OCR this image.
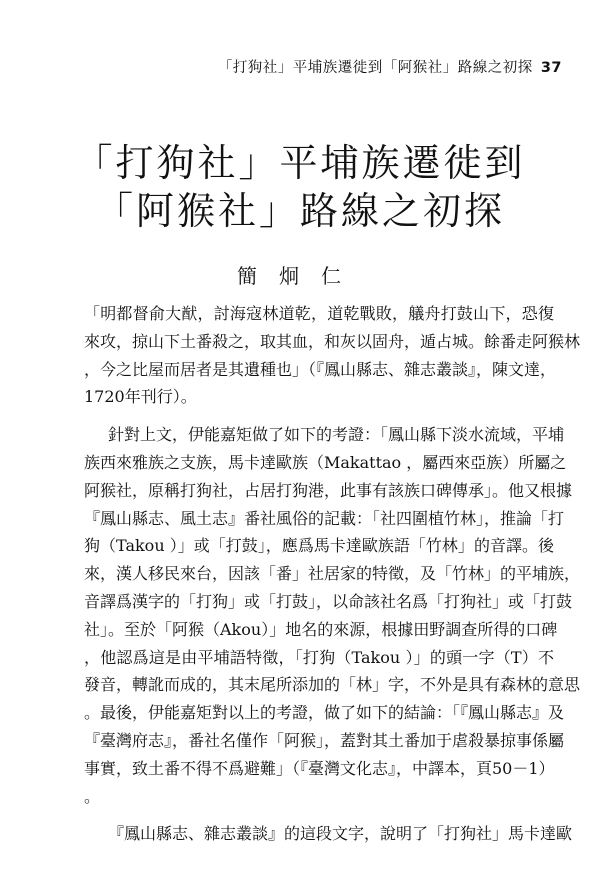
「打狗社」平埔族遷徙到「阿猴社」路線之初探 37
「打狗社」平埔族遷徙到
「阿猴社」路線之初探
簡炯仁
「明都督俞大猷，討海寇林道乾，道乾戰敗，艤舟打鼓山下，恐復
來攻，掠山下土番殺之，取其血，和灰以固舟，遁占城。餘番走阿猴林
，今之比屋而居者是其遺種也」（『鳳山縣志、雜志叢談』，陳文達，
1720年刊行）。
針對上文，伊能嘉矩做了如下的考證：「鳳山縣下淡水流域，平埔
族西來雅族之支族，馬卡達歐族（Makattao ，屬西來亞族）所屬之
阿猴社，原稱打狗社，占居打狗港，此事有該族口碑傳承」。他又根據
『鳳山縣志、風土志』番社風俗的記載：「社四圍植竹林」，推論「打
狗（Takou ）」或「打鼓」，應爲馬卡達歐族語「竹林」的音譯。後
來，漢人移民來台，因該「番」社居家的特徵，及「竹林」的平埔族，
音譯爲漢字的「打狗」或「打鼓」，以命該社名爲「打狗社」或「打鼓
社」。至於「阿猴（Akou）」地名的來源，根據田野調查所得的口碑
，他認爲這是由平埔語特徵，「打狗（Takou ）」的頭一字（T）不
發音，轉訛而成的，其末尾所添加的「林」字，不外是具有森林的意思
。最後，伊能嘉矩對以上的考證，做了如下的結論：「『鳳山縣志』及
『臺灣府志』，番社名僅作「阿猴」，蓋對其土番加于虐殺暴掠事係屬
事實，致土番不得不爲避難」（『臺灣文化志』，中譯本，頁50－1）
。
『鳳山縣志、雜志叢談』的這段文字，說明了「打狗社」馬卡達歐
